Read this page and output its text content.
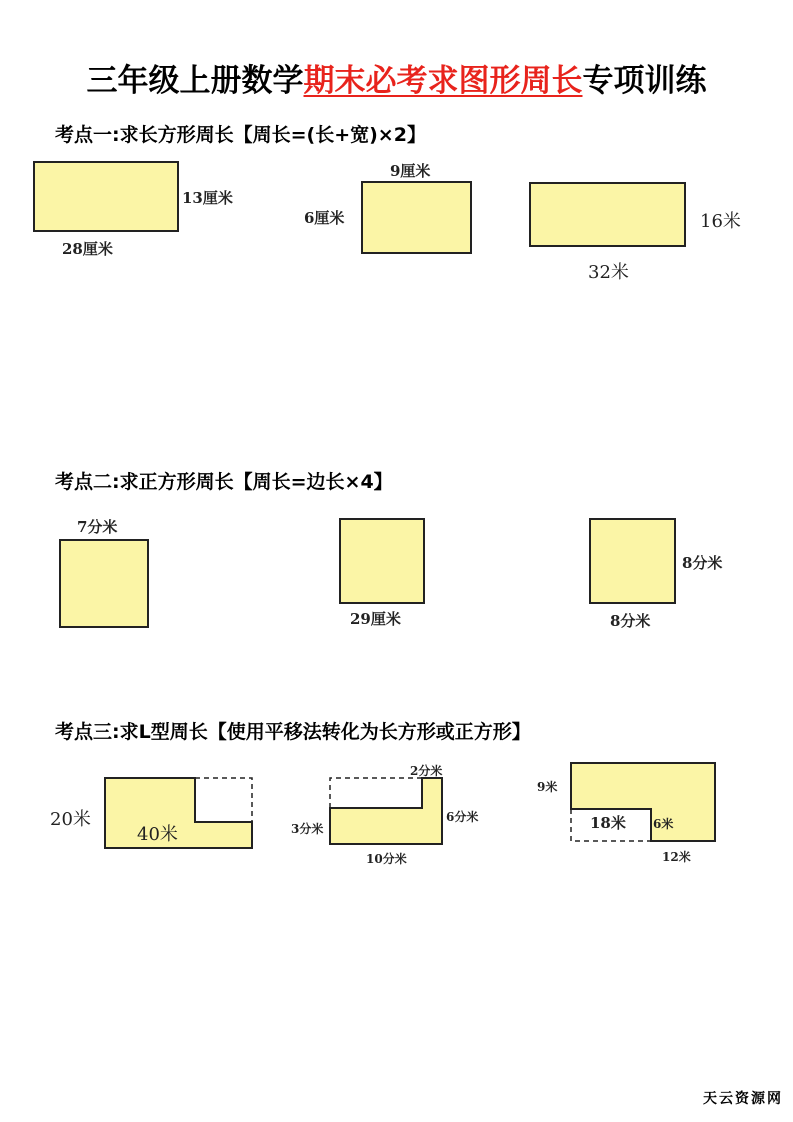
三年级上册数学期末必考求图形周长专项训练
考点一:求长方形周长【周长=(长+宽)×2】
13厘米
28厘米
9厘米
6厘米	16米
32米
考点二:求正方形周长【周长=边长×4】
7分米
29厘米
8分米
8分米
考点三:求L型周长【使用平移法转化为长方形或正方形】
20米
40米
2分米
3分米
6分米
10分米
9米
18米 6米
12米
天云资源网
